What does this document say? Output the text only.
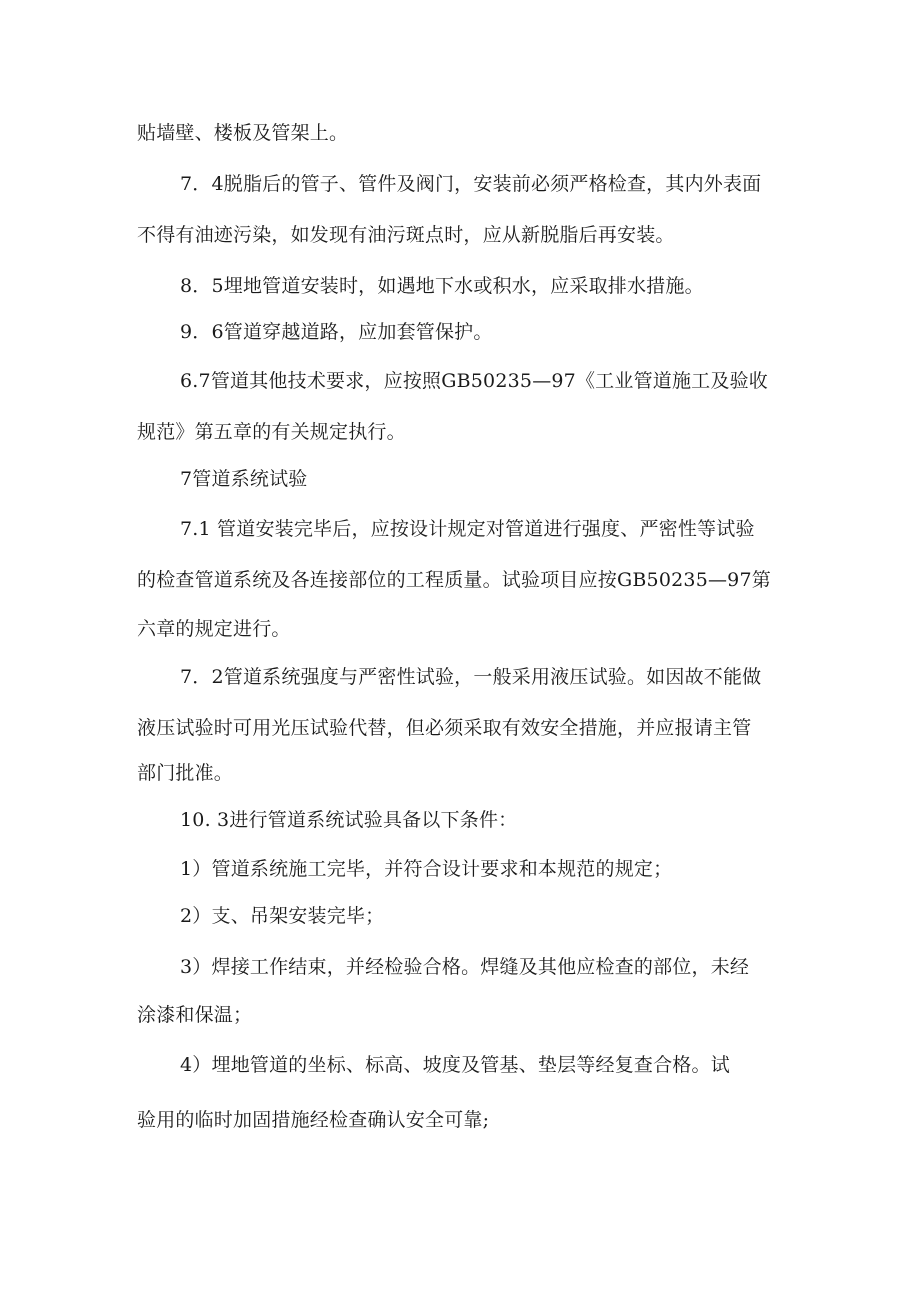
贴墙壁、楼板及管架上。
7．4脱脂后的管子、管件及阀门，安装前必须严格检查，其内外表面
不得有油迹污染，如发现有油污斑点时，应从新脱脂后再安装。
8．5埋地管道安装时，如遇地下水或积水，应采取排水措施。
9．6管道穿越道路，应加套管保护。
6.7管道其他技术要求，应按照GB50235—97《工业管道施工及验收
规范》第五章的有关规定执行。
7管道系统试验
7.1 管道安装完毕后，应按设计规定对管道进行强度、严密性等试验
的检查管道系统及各连接部位的工程质量。试验项目应按GB50235—97第
六章的规定进行。
7．2管道系统强度与严密性试验，一般采用液压试验。如因故不能做
液压试验时可用光压试验代替，但必须采取有效安全措施，并应报请主管
部门批准。
10. 3进行管道系统试验具备以下条件：
1）管道系统施工完毕，并符合设计要求和本规范的规定；
2）支、吊架安装完毕；
3）焊接工作结束，并经检验合格。焊缝及其他应检查的部位，未经
涂漆和保温；
4）埋地管道的坐标、标高、坡度及管基、垫层等经复查合格。试
验用的临时加固措施经检查确认安全可靠;
